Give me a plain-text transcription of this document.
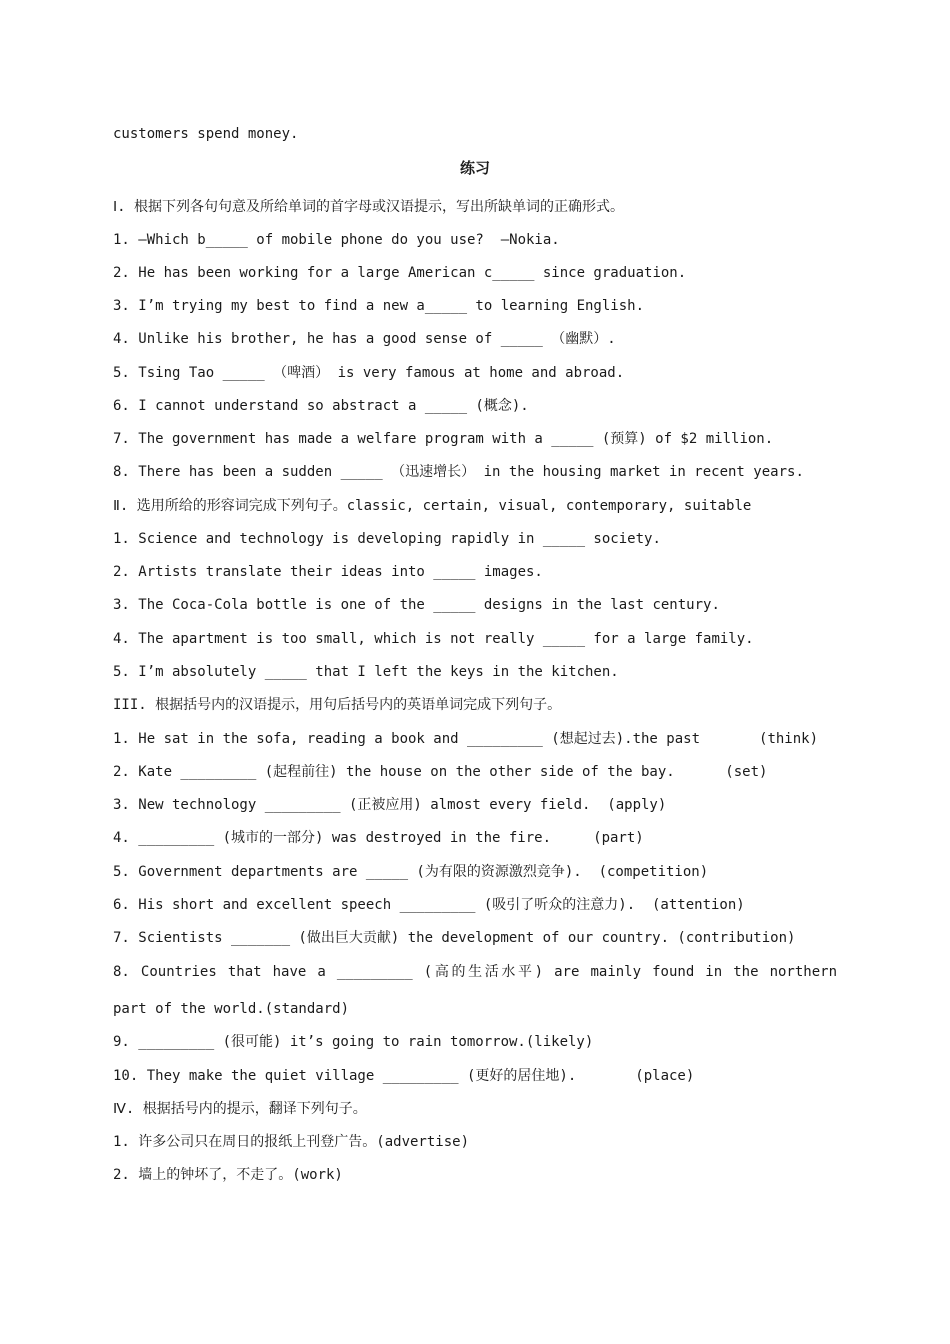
customers spend money.
练习
Ⅰ. 根据下列各句句意及所给单词的首字母或汉语提示，写出所缺单词的正确形式。
1. —Which b_____ of mobile phone do you use?  —Nokia.
2. He has been working for a large American c_____ since graduation.
3. I’m trying my best to find a new a_____ to learning English.
4. Unlike his brother, he has a good sense of _____ （幽默）.
5. Tsing Tao _____ （啤酒） is very famous at home and abroad.
6. I cannot understand so abstract a _____ (概念).
7. The government has made a welfare program with a _____ (预算) of $2 million.
8. There has been a sudden _____ （迅速增长） in the housing market in recent years.
Ⅱ. 选用所给的形容词完成下列句子。classic, certain, visual, contemporary, suitable
1. Science and technology is developing rapidly in _____ society.
2. Artists translate their ideas into _____ images.
3. The Coca-Cola bottle is one of the _____ designs in the last century.
4. The apartment is too small, which is not really _____ for a large family.
5. I’m absolutely _____ that I left the keys in the kitchen.
III. 根据括号内的汉语提示，用句后括号内的英语单词完成下列句子。
1. He sat in the sofa, reading a book and _________ (想起过去).the past       (think)
2. Kate _________ (起程前往) the house on the other side of the bay.      (set)
3. New technology _________ (正被应用) almost every field.  (apply)
4. _________ (城市的一部分) was destroyed in the fire.     (part)
5. Government departments are _____ (为有限的资源激烈竞争).  (competition)
6. His short and excellent speech _________ (吸引了听众的注意力).  (attention)
7. Scientists _______ (做出巨大贡献) the development of our country. (contribution)
8. Countries that have a _________ (高的生活水平) are mainly found in the northern
part of the world.(standard)
9. _________ (很可能) it’s going to rain tomorrow.(likely)
10. They make the quiet village _________ (更好的居住地).       (place)
Ⅳ. 根据括号内的提示，翻译下列句子。
1. 许多公司只在周日的报纸上刊登广告。(advertise)
2. 墙上的钟坏了，不走了。(work)
